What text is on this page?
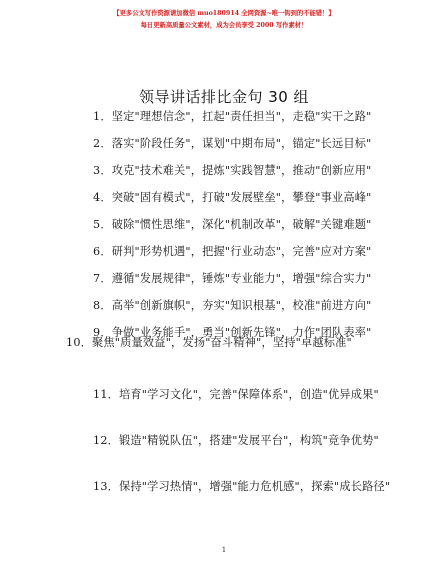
【更多公文写作资源请加微信 muo180914 全网资源~唯一钩到的不能错！】
每日更新高质量公文素材，成为会员享受 2000 写作素材！
领导讲话排比金句 30 组
1．坚定"理想信念"，扛起"责任担当"，走稳"实干之路"
2．落实"阶段任务"，谋划"中期布局"，锚定"长远目标"
3．攻克"技术难关"，提炼"实践智慧"，推动"创新应用"
4．突破"固有模式"，打破"发展壁垒"，攀登"事业高峰"
5．破除"惯性思维"，深化"机制改革"，破解"关键难题"
6．研判"形势机遇"，把握"行业动态"，完善"应对方案"
7．遵循"发展规律"，锤炼"专业能力"，增强"综合实力"
8．高举"创新旗帜"，夯实"知识根基"，校准"前进方向"
9．争做"业务能手"，勇当"创新先锋"，力作"团队表率"
10．聚焦"质量效益"，发扬"奋斗精神"，坚持"卓越标准"
11．培育"学习文化"，完善"保障体系"，创造"优异成果"
12．锻造"精锐队伍"，搭建"发展平台"，构筑"竞争优势"
13．保持"学习热情"，增强"能力危机感"，探索"成长路径"
1
